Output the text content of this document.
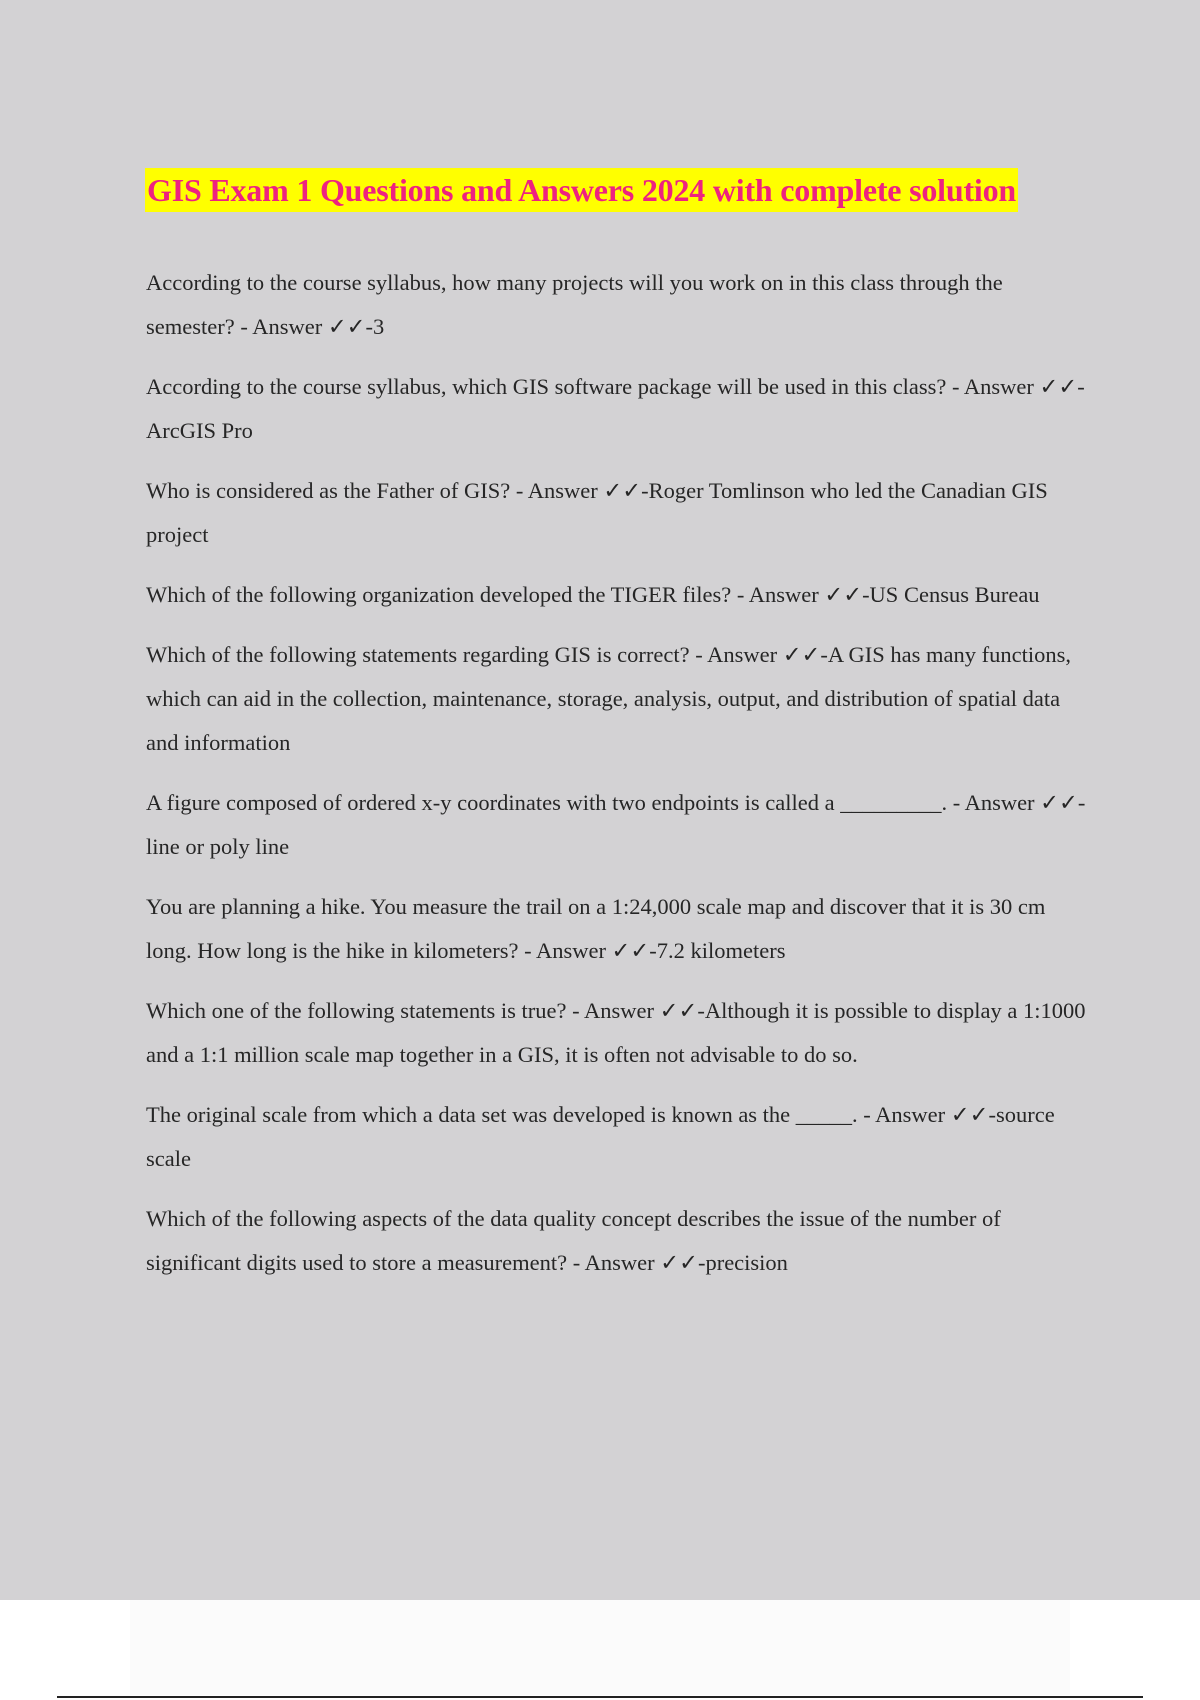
GIS Exam 1 Questions and Answers 2024 with complete solution

According to the course syllabus, how many projects will you work on in this class through the semester? - Answer ✓✓-3

According to the course syllabus, which GIS software package will be used in this class? - Answer ✓✓-ArcGIS Pro

Who is considered as the Father of GIS? - Answer ✓✓-Roger Tomlinson who led the Canadian GIS project

Which of the following organization developed the TIGER files? - Answer ✓✓-US Census Bureau

Which of the following statements regarding GIS is correct? - Answer ✓✓-A GIS has many functions, which can aid in the collection, maintenance, storage, analysis, output, and distribution of spatial data and information

A figure composed of ordered x-y coordinates with two endpoints is called a _________. - Answer ✓✓-line or poly line

You are planning a hike. You measure the trail on a 1:24,000 scale map and discover that it is 30 cm long. How long is the hike in kilometers? - Answer ✓✓-7.2 kilometers

Which one of the following statements is true? - Answer ✓✓-Although it is possible to display a 1:1000 and a 1:1 million scale map together in a GIS, it is often not advisable to do so.

The original scale from which a data set was developed is known as the _____. - Answer ✓✓-source scale

Which of the following aspects of the data quality concept describes the issue of the number of significant digits used to store a measurement? - Answer ✓✓-precision
